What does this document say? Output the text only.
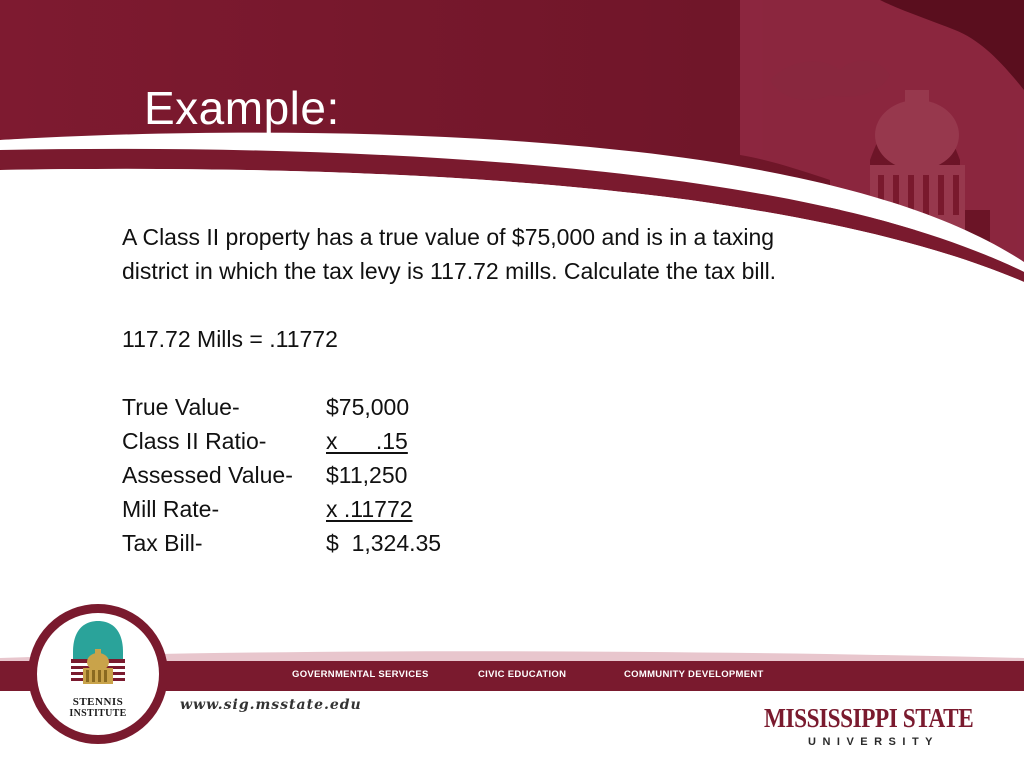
Example:

A Class II property has a true value of $75,000 and is in a taxing district in which the tax levy is 117.72 mills. Calculate the tax bill.

117.72 Mills = .11772

True Value-	$75,000
Class II Ratio-	x      .15
Assessed Value-	$11,250
Mill Rate-	x .11772
Tax Bill-	$  1,324.35
GOVERNMENTAL SERVICES	CIVIC EDUCATION	COMMUNITY DEVELOPMENT
www.sig.msstate.edu
STENNIS
INSTITUTE	MISSISSIPPI STATE
UNIVERSITY
